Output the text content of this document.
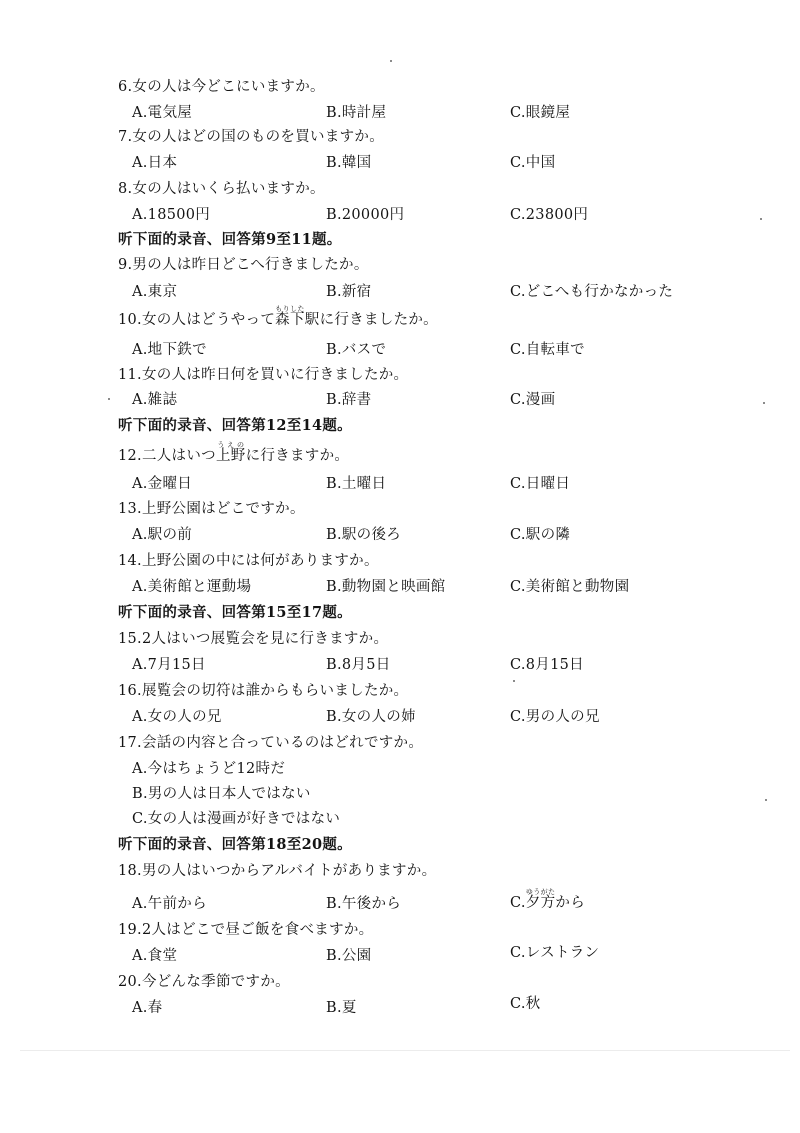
6.女の人は今どこにいますか。
A.電気屋	B.時計屋	C.眼鏡屋
7.女の人はどの国のものを買いますか。
A.日本	B.韓国	C.中国
8.女の人はいくら払いますか。
A.18500円	B.20000円	C.23800円
听下面的录音、回答第9至11题。
9.男の人は昨日どこへ行きましたか。
A.東京	B.新宿	C.どこへも行かなかった
10.女の人はどうやって森下もりした駅に行きましたか。
A.地下鉄で	B.バスで	C.自転車で
11.女の人は昨日何を買いに行きましたか。
A.雑誌	B.辞書	C.漫画
听下面的录音、回答第12至14题。
12.二人はいつ上野うえのに行きますか。
A.金曜日	B.土曜日	C.日曜日
13.上野公園はどこですか。
A.駅の前	B.駅の後ろ	C.駅の隣
14.上野公園の中には何がありますか。
A.美術館と運動場	B.動物園と映画館	C.美術館と動物園
听下面的录音、回答第15至17题。
15.2人はいつ展覧会を見に行きますか。
A.7月15日	B.8月5日	C.8月15日
16.展覧会の切符は誰からもらいましたか。
A.女の人の兄	B.女の人の姉	C.男の人の兄
17.会話の内容と合っているのはどれですか。
A.今はちょうど12時だ
B.男の人は日本人ではない
C.女の人は漫画が好きではない
听下面的录音、回答第18至20题。
18.男の人はいつからアルバイトがありますか。
A.午前から	B.午後から	C.夕方ゆうがたから
19.2人はどこで昼ご飯を食べますか。
A.食堂	B.公園	C.レストラン
20.今どんな季節ですか。
A.春	B.夏	C.秋
